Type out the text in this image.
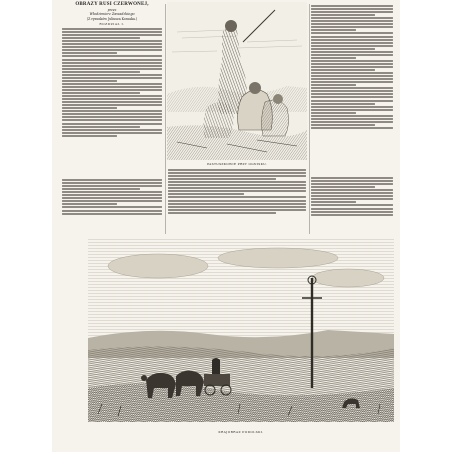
OBRAZY RUSI CZERWONEJ,
przez
Włodzimierz Zawadzkiego
(Z rysunków Juliusza Kossaka.)
ROZDZIAŁ I.
PASTUSZKOWIE PRZY OGNISKU.
KRAJOBRAZ PODOLSKI.
